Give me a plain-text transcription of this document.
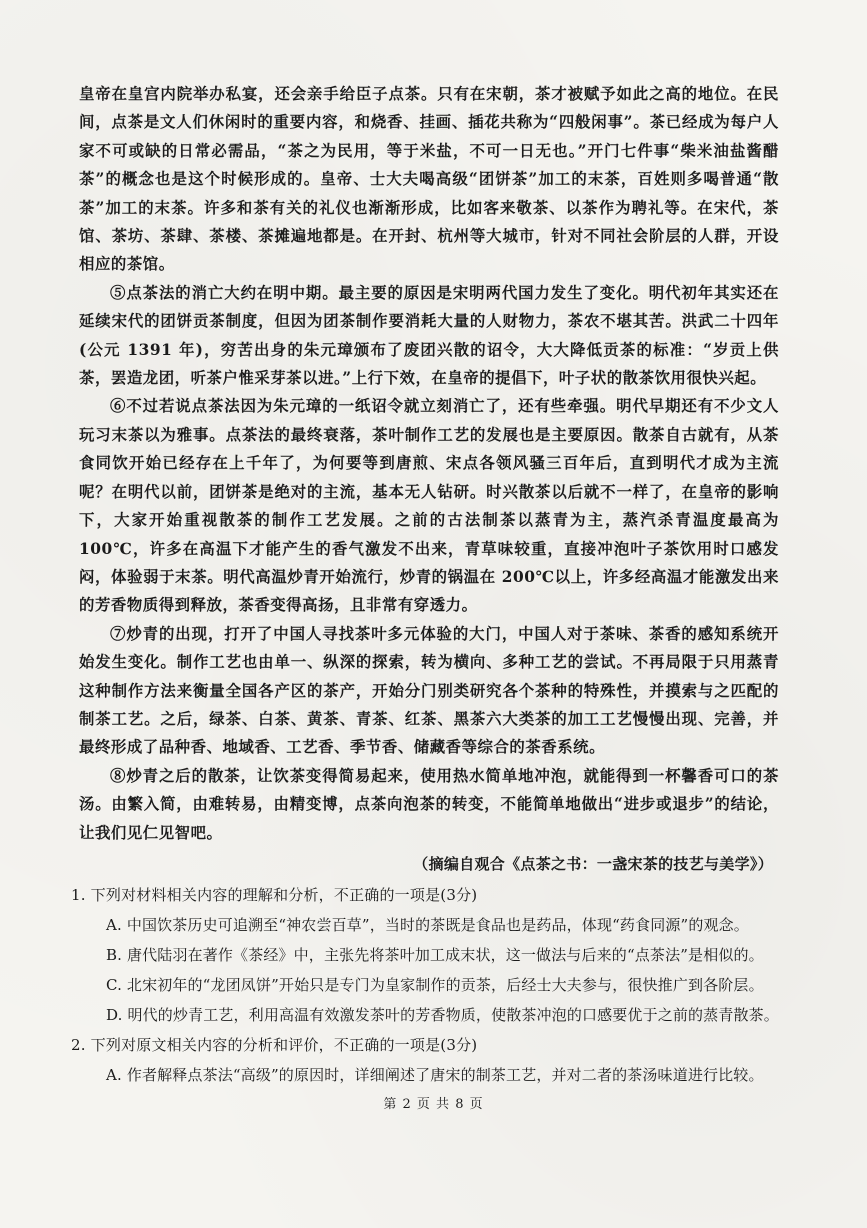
皇帝在皇宫内院举办私宴，还会亲手给臣子点茶。只有在宋朝，茶才被赋予如此之高的地位。在民间，点茶是文人们休闲时的重要内容，和烧香、挂画、插花共称为“四般闲事”。茶已经成为每户人家不可或缺的日常必需品，“茶之为民用，等于米盐，不可一日无也。”开门七件事“柴米油盐酱醋茶”的概念也是这个时候形成的。皇帝、士大夫喝高级“团饼茶”加工的末茶，百姓则多喝普通“散茶”加工的末茶。许多和茶有关的礼仪也渐渐形成，比如客来敬茶、以茶作为聘礼等。在宋代，茶馆、茶坊、茶肆、茶楼、茶摊遍地都是。在开封、杭州等大城市，针对不同社会阶层的人群，开设相应的茶馆。

⑤点茶法的消亡大约在明中期。最主要的原因是宋明两代国力发生了变化。明代初年其实还在延续宋代的团饼贡茶制度，但因为团茶制作要消耗大量的人财物力，茶农不堪其苦。洪武二十四年(公元 1391 年)，穷苦出身的朱元璋颁布了废团兴散的诏令，大大降低贡茶的标准：“岁贡上供茶，罢造龙团，听茶户惟采芽茶以进。”上行下效，在皇帝的提倡下，叶子状的散茶饮用很快兴起。

⑥不过若说点茶法因为朱元璋的一纸诏令就立刻消亡了，还有些牵强。明代早期还有不少文人玩习末茶以为雅事。点茶法的最终衰落，茶叶制作工艺的发展也是主要原因。散茶自古就有，从茶食同饮开始已经存在上千年了，为何要等到唐煎、宋点各领风骚三百年后，直到明代才成为主流呢？在明代以前，团饼茶是绝对的主流，基本无人钻研。时兴散茶以后就不一样了，在皇帝的影响下，大家开始重视散茶的制作工艺发展。之前的古法制茶以蒸青为主，蒸汽杀青温度最高为 100℃，许多在高温下才能产生的香气激发不出来，青草味较重，直接冲泡叶子茶饮用时口感发闷，体验弱于末茶。明代高温炒青开始流行，炒青的锅温在 200℃以上，许多经高温才能激发出来的芳香物质得到释放，茶香变得高扬，且非常有穿透力。

⑦炒青的出现，打开了中国人寻找茶叶多元体验的大门，中国人对于茶味、茶香的感知系统开始发生变化。制作工艺也由单一、纵深的探索，转为横向、多种工艺的尝试。不再局限于只用蒸青这种制作方法来衡量全国各产区的茶产，开始分门别类研究各个茶种的特殊性，并摸索与之匹配的制茶工艺。之后，绿茶、白茶、黄茶、青茶、红茶、黑茶六大类茶的加工工艺慢慢出现、完善，并最终形成了品种香、地域香、工艺香、季节香、储藏香等综合的茶香系统。

⑧炒青之后的散茶，让饮茶变得简易起来，使用热水简单地冲泡，就能得到一杯馨香可口的茶汤。由繁入简，由难转易，由精变博，点茶向泡茶的转变，不能简单地做出“进步或退步”的结论，让我们见仁见智吧。

（摘编自观合《点茶之书：一盏宋茶的技艺与美学》）

1. 下列对材料相关内容的理解和分析，不正确的一项是(3分)

A. 中国饮茶历史可追溯至“神农尝百草”，当时的茶既是食品也是药品，体现“药食同源”的观念。

B. 唐代陆羽在著作《茶经》中，主张先将茶叶加工成末状，这一做法与后来的“点茶法”是相似的。

C. 北宋初年的“龙团凤饼”开始只是专门为皇家制作的贡茶，后经士大夫参与，很快推广到各阶层。

D. 明代的炒青工艺，利用高温有效激发茶叶的芳香物质，使散茶冲泡的口感要优于之前的蒸青散茶。

2. 下列对原文相关内容的分析和评价，不正确的一项是(3分)

A. 作者解释点茶法“高级”的原因时，详细阐述了唐宋的制茶工艺，并对二者的茶汤味道进行比较。

第 2 页 共 8 页
